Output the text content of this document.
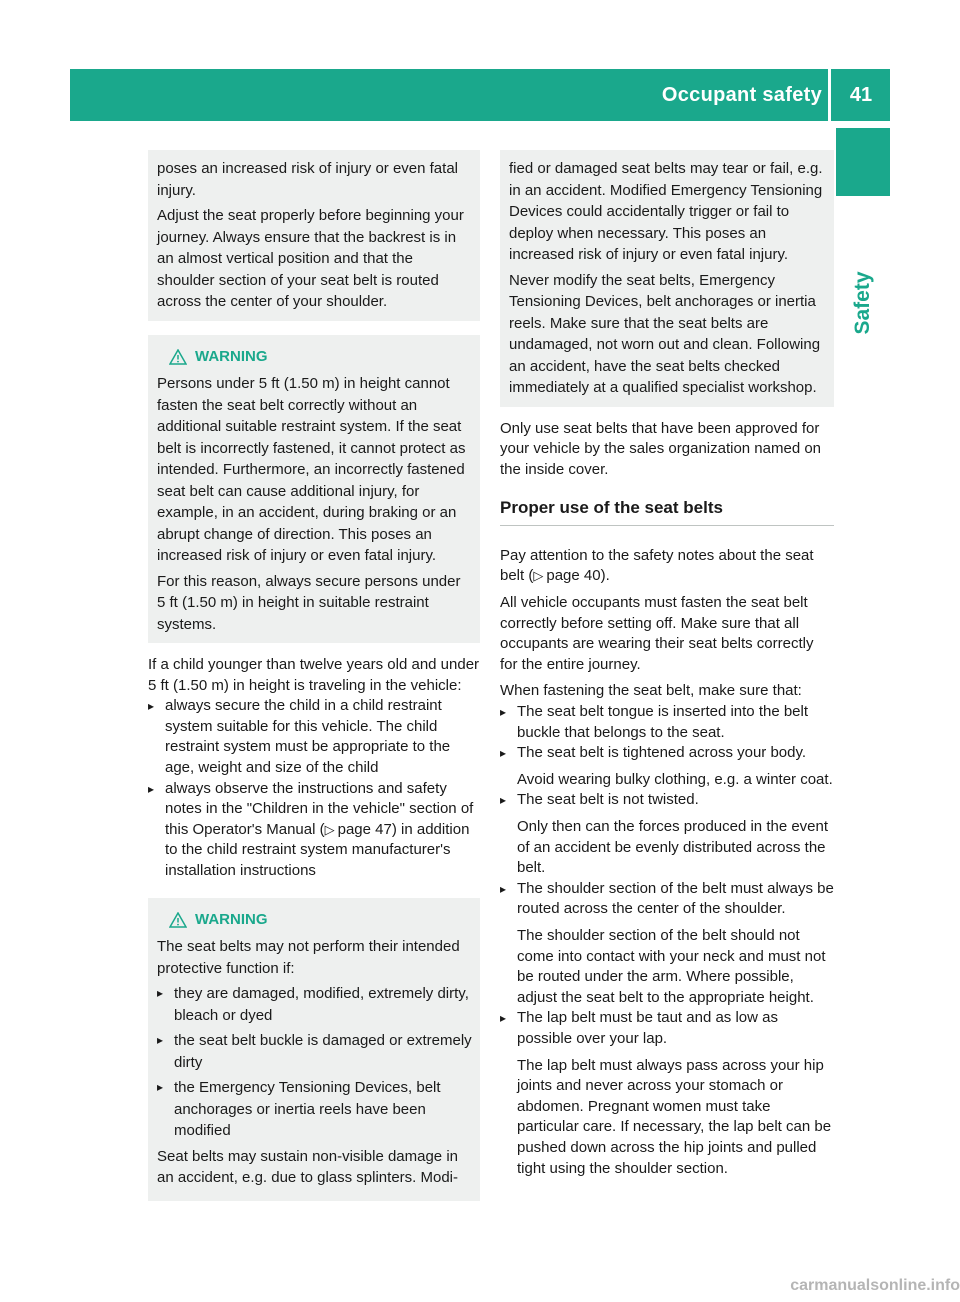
Occupant safety	41
Safety

poses an increased risk of injury or even fatal injury.

Adjust the seat properly before beginning your journey. Always ensure that the backrest is in an almost vertical position and that the shoulder section of your seat belt is routed across the center of your shoulder.

WARNING

Persons under 5 ft (1.50 m) in height cannot fasten the seat belt correctly without an additional suitable restraint system. If the seat belt is incorrectly fastened, it cannot protect as intended. Furthermore, an incorrectly fastened seat belt can cause additional injury, for example, in an accident, during braking or an abrupt change of direction. This poses an increased risk of injury or even fatal injury.

For this reason, always secure persons under 5 ft (1.50 m) in height in suitable restraint systems.

If a child younger than twelve years old and under 5 ft (1.50 m) in height is traveling in the vehicle:

▸ always secure the child in a child restraint system suitable for this vehicle. The child restraint system must be appropriate to the age, weight and size of the child
▸ always observe the instructions and safety notes in the "Children in the vehicle" section of this Operator's Manual (▷  page 47) in addition to the child restraint system manufacturer's installation instructions
WARNING

The seat belts may not perform their intended protective function if:

▸ they are damaged, modified, extremely dirty, bleach or dyed
▸ the seat belt buckle is damaged or extremely dirty
▸ the Emergency Tensioning Devices, belt anchorages or inertia reels have been modified

Seat belts may sustain non-visible damage in an accident, e.g. due to glass splinters. Modi-

fied or damaged seat belts may tear or fail, e.g. in an accident. Modified Emergency Tensioning Devices could accidentally trigger or fail to deploy when necessary. This poses an increased risk of injury or even fatal injury.

Never modify the seat belts, Emergency Tensioning Devices, belt anchorages or inertia reels. Make sure that the seat belts are undamaged, not worn out and clean. Following an accident, have the seat belts checked immediately at a qualified specialist workshop.

Only use seat belts that have been approved for your vehicle by the sales organization named on the inside cover.

Proper use of the seat belts

Pay attention to the safety notes about the seat belt (▷  page 40).

All vehicle occupants must fasten the seat belt correctly before setting off. Make sure that all occupants are wearing their seat belts correctly for the entire journey.

When fastening the seat belt, make sure that:

▸ The seat belt tongue is inserted into the belt buckle that belongs to the seat.
▸ The seat belt is tightened across your body.
Avoid wearing bulky clothing, e.g. a winter coat.
▸ The seat belt is not twisted.
Only then can the forces produced in the event of an accident be evenly distributed across the belt.
▸ The shoulder section of the belt must always be routed across the center of the shoulder.
The shoulder section of the belt should not come into contact with your neck and must not be routed under the arm. Where possible, adjust the seat belt to the appropriate height.
▸ The lap belt must be taut and as low as possible over your lap.
The lap belt must always pass across your hip joints and never across your stomach or abdomen. Pregnant women must take particular care. If necessary, the lap belt can be pushed down across the hip joints and pulled tight using the shoulder section.
carmanualsonline.info
